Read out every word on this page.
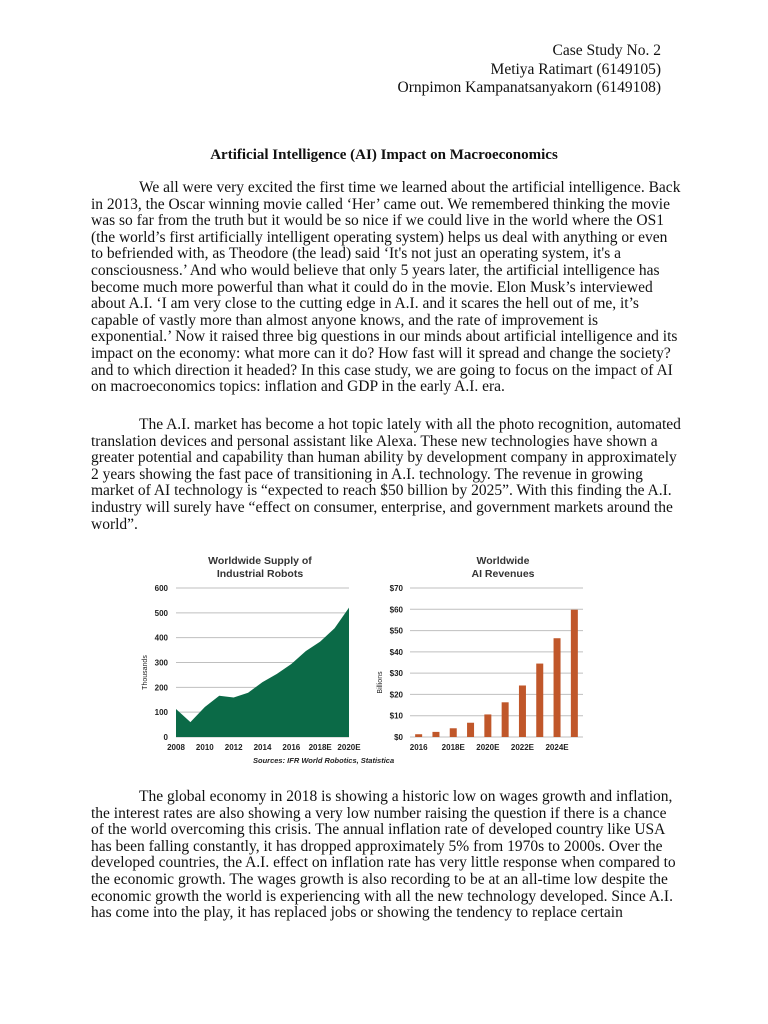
Case Study No. 2
Metiya Ratimart (6149105)
Ornpimon Kampanatsanyakorn (6149108)
Artificial Intelligence (AI) Impact on Macroeconomics
We all were very excited the first time we learned about the artificial intelligence. Back in 2013, the Oscar winning movie called ‘Her’ came out. We remembered thinking the movie was so far from the truth but it would be so nice if we could live in the world where the OS1 (the world’s first artificially intelligent operating system) helps us deal with anything or even to befriended with, as Theodore (the lead) said ‘It's not just an operating system, it's a consciousness.’ And who would believe that only 5 years later, the artificial intelligence has become much more powerful than what it could do in the movie. Elon Musk’s interviewed about A.I. ‘I am very close to the cutting edge in A.I. and it scares the hell out of me, it’s capable of vastly more than almost anyone knows, and the rate of improvement is exponential.’ Now it raised three big questions in our minds about artificial intelligence and its impact on the economy: what more can it do? How fast will it spread and change the society? and to which direction it headed? In this case study, we are going to focus on the impact of AI on macroeconomics topics: inflation and GDP in the early A.I. era.
The A.I. market has become a hot topic lately with all the photo recognition, automated translation devices and personal assistant like Alexa. These new technologies have shown a greater potential and capability than human ability by development company in approximately 2 years showing the fast pace of transitioning in A.I. technology. The revenue in growing market of AI technology is “expected to reach $50 billion by 2025”. With this finding the A.I. industry will surely have “effect on consumer, enterprise, and government markets around the world”.
Worldwide Supply of
Industrial Robots
0
100
200
300
400
500
600
2008 2010 2012 2014 2016 2018E 2020E
Thousands
Worldwide
AI Revenues
$0
$10
$20
$30
$40
$50
$60
$70
2016 2018E 2020E 2022E 2024E
Billions
Sources: IFR World Robotics, Statistica
The global economy in 2018 is showing a historic low on wages growth and inflation, the interest rates are also showing a very low number raising the question if there is a chance of the world overcoming this crisis. The annual inflation rate of developed country like USA has been falling constantly, it has dropped approximately 5% from 1970s to 2000s. Over the developed countries, the A.I. effect on inflation rate has very little response when compared to the economic growth. The wages growth is also recording to be at an all-time low despite the economic growth the world is experiencing with all the new technology developed. Since A.I. has come into the play, it has replaced jobs or showing the tendency to replace certain
